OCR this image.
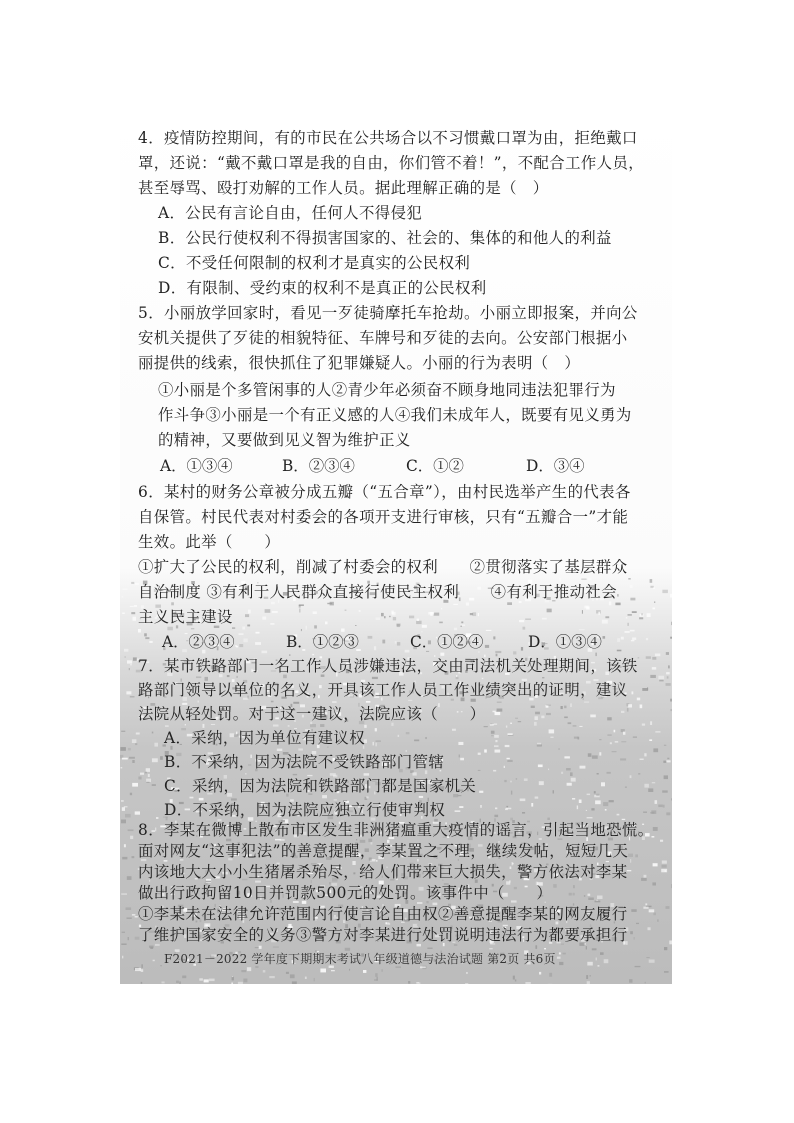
4．疫情防控期间，有的市民在公共场合以不习惯戴口罩为由，拒绝戴口
罩，还说：“戴不戴口罩是我的自由，你们管不着！”，不配合工作人员，
甚至辱骂、殴打劝解的工作人员。据此理解正确的是（　）
A．公民有言论自由，任何人不得侵犯
B．公民行使权利不得损害国家的、社会的、集体的和他人的利益
C．不受任何限制的权利才是真实的公民权利
D．有限制、受约束的权利不是真正的公民权利
5．小丽放学回家时，看见一歹徒骑摩托车抢劫。小丽立即报案，并向公
安机关提供了歹徒的相貌特征、车牌号和歹徒的去向。公安部门根据小
丽提供的线索，很快抓住了犯罪嫌疑人。小丽的行为表明（　）
①小丽是个多管闲事的人②青少年必须奋不顾身地同违法犯罪行为
作斗争③小丽是一个有正义感的人④我们未成年人，既要有见义勇为
的精神，又要做到见义智为维护正义
A．①③④	B．②③④	C．①②	D．③④
6．某村的财务公章被分成五瓣（“五合章”），由村民选举产生的代表各
自保管。村民代表对村委会的各项开支进行审核，只有“五瓣合一”才能
生效。此举（　　）
①扩大了公民的权利，削减了村委会的权利　　②贯彻落实了基层群众
自治制度 ③有利于人民群众直接行使民主权利　　④有利于推动社会
主义民主建设
A．②③④	B．①②③	C．①②④	D．①③④
7．某市铁路部门一名工作人员涉嫌违法，交由司法机关处理期间，该铁
路部门领导以单位的名义，开具该工作人员工作业绩突出的证明，建议
法院从轻处罚。对于这一建议，法院应该（　　）
A．采纳，因为单位有建议权
B．不采纳，因为法院不受铁路部门管辖
C．采纳，因为法院和铁路部门都是国家机关
D．不采纳，因为法院应独立行使审判权
8．李某在微博上散布市区发生非洲猪瘟重大疫情的谣言，引起当地恐慌。
面对网友“这事犯法”的善意提醒，李某置之不理，继续发帖，短短几天
内该地大大小小生猪屠杀殆尽，给人们带来巨大损失，警方依法对李某
做出行政拘留10日并罚款500元的处罚。该事件中（　　）
①李某未在法律允许范围内行使言论自由权②善意提醒李某的网友履行
了维护国家安全的义务③警方对李某进行处罚说明违法行为都要承担行
F2021－2022 学年度下期期末考试八年级道德与法治试题 第2页 共6页
